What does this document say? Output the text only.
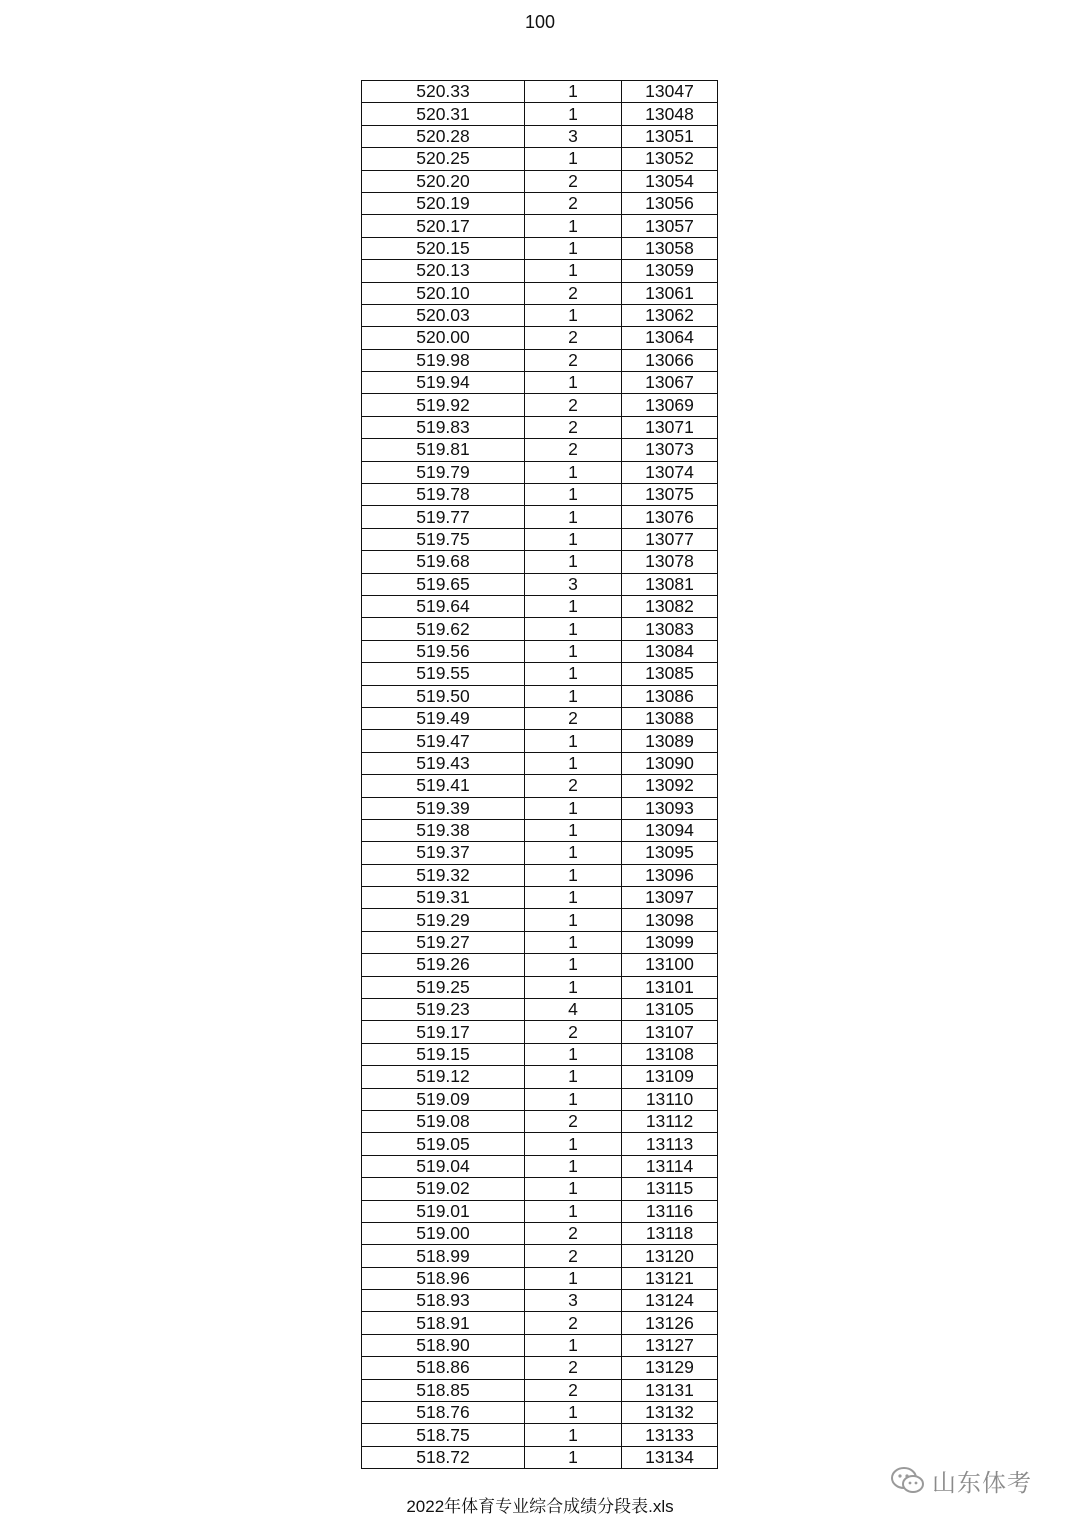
100
520.33	1	13047
520.31	1	13048
520.28	3	13051
520.25	1	13052
520.20	2	13054
520.19	2	13056
520.17	1	13057
520.15	1	13058
520.13	1	13059
520.10	2	13061
520.03	1	13062
520.00	2	13064
519.98	2	13066
519.94	1	13067
519.92	2	13069
519.83	2	13071
519.81	2	13073
519.79	1	13074
519.78	1	13075
519.77	1	13076
519.75	1	13077
519.68	1	13078
519.65	3	13081
519.64	1	13082
519.62	1	13083
519.56	1	13084
519.55	1	13085
519.50	1	13086
519.49	2	13088
519.47	1	13089
519.43	1	13090
519.41	2	13092
519.39	1	13093
519.38	1	13094
519.37	1	13095
519.32	1	13096
519.31	1	13097
519.29	1	13098
519.27	1	13099
519.26	1	13100
519.25	1	13101
519.23	4	13105
519.17	2	13107
519.15	1	13108
519.12	1	13109
519.09	1	13110
519.08	2	13112
519.05	1	13113
519.04	1	13114
519.02	1	13115
519.01	1	13116
519.00	2	13118
518.99	2	13120
518.96	1	13121
518.93	3	13124
518.91	2	13126
518.90	1	13127
518.86	2	13129
518.85	2	13131
518.76	1	13132
518.75	1	13133
518.72	1	13134
山东体考
2022年体育专业综合成绩分段表.xls
